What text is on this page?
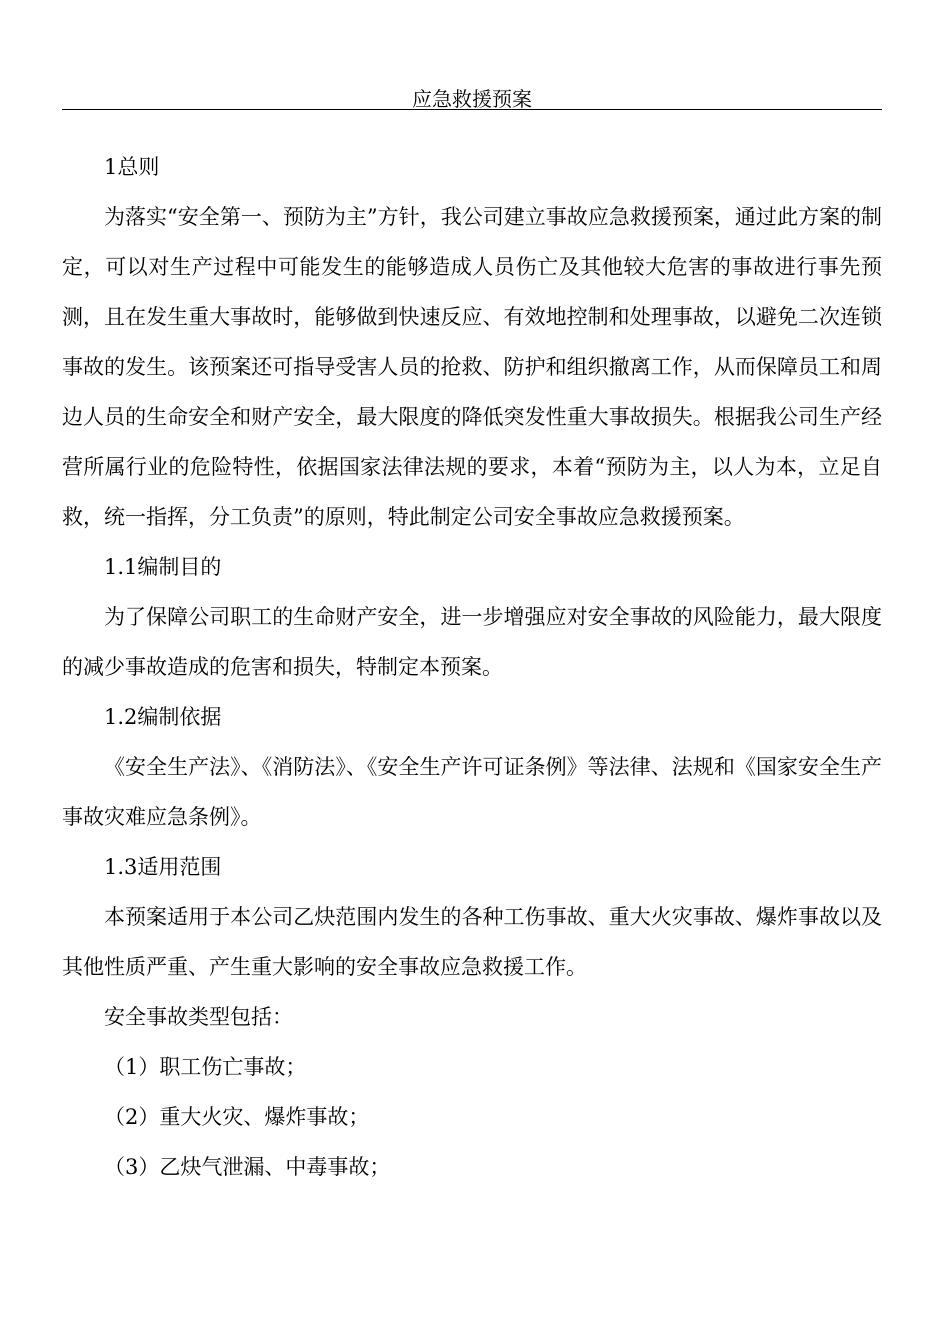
应急救援预案

1总则

为落实“安全第一、预防为主”方针，我公司建立事故应急救援预案，通过此方案的制定，可以对生产过程中可能发生的能够造成人员伤亡及其他较大危害的事故进行事先预测，且在发生重大事故时，能够做到快速反应、有效地控制和处理事故，以避免二次连锁事故的发生。该预案还可指导受害人员的抢救、防护和组织撤离工作，从而保障员工和周边人员的生命安全和财产安全，最大限度的降低突发性重大事故损失。根据我公司生产经营所属行业的危险特性，依据国家法律法规的要求，本着“预防为主，以人为本，立足自救，统一指挥，分工负责”的原则，特此制定公司安全事故应急救援预案。

1.1编制目的

为了保障公司职工的生命财产安全，进一步增强应对安全事故的风险能力，最大限度的减少事故造成的危害和损失，特制定本预案。

1.2编制依据

《安全生产法》、《消防法》、《安全生产许可证条例》等法律、法规和《国家安全生产事故灾难应急条例》。

1.3适用范围

本预案适用于本公司乙炔范围内发生的各种工伤事故、重大火灾事故、爆炸事故以及其他性质严重、产生重大影响的安全事故应急救援工作。

安全事故类型包括：

（1）职工伤亡事故；

（2）重大火灾、爆炸事故；

（3）乙炔气泄漏、中毒事故；
